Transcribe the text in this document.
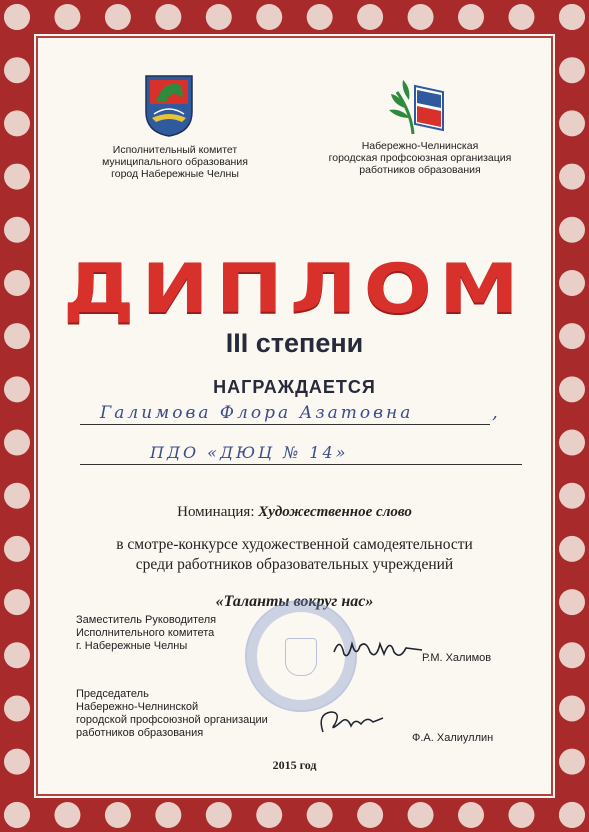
Исполнительный комитет
муниципального образования
город Набережные Челны
Набережно-Челнинская
городская профсоюзная организация
работников образования
ДИПЛОМ
III степени
НАГРАЖДАЕТСЯ
Галимова Флора Азатовна	,
ПДО «ДЮЦ № 14»
Номинация: Художественное слово
в смотре-конкурсе художественной самодеятельности
среди работников образовательных учреждений
«Таланты вокруг нас»
Заместитель Руководителя
Исполнительного комитета
г. Набережные Челны
Р.М. Халимов
Председатель
Набережно-Челнинской
городской профсоюзной организации
работников образования	Ф.А. Халиуллин
2015 год
